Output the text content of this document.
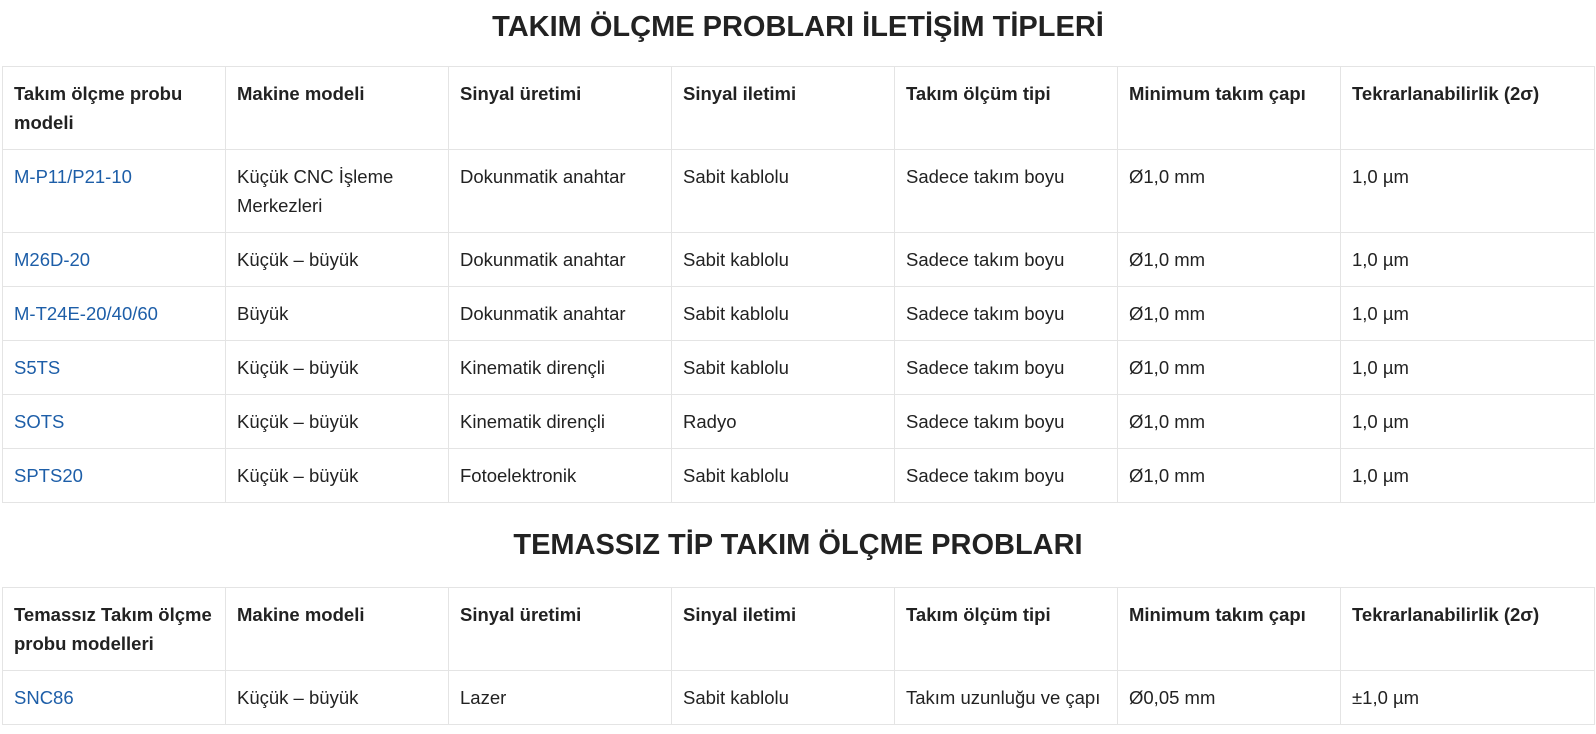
TAKIM ÖLÇME PROBLARI İLETİŞİM TİPLERİ
Takım ölçme probu modeli	Makine modeli	Sinyal üretimi	Sinyal iletimi	Takım ölçüm tipi	Minimum takım çapı	Tekrarlanabilirlik (2σ)
M-P11/P21-10	Küçük CNC İşleme Merkezleri	Dokunmatik anahtar	Sabit kablolu	Sadece takım boyu	Ø1,0 mm	1,0 µm
M26D-20	Küçük – büyük	Dokunmatik anahtar	Sabit kablolu	Sadece takım boyu	Ø1,0 mm	1,0 µm
M-T24E-20/40/60	Büyük	Dokunmatik anahtar	Sabit kablolu	Sadece takım boyu	Ø1,0 mm	1,0 µm
S5TS	Küçük – büyük	Kinematik dirençli	Sabit kablolu	Sadece takım boyu	Ø1,0 mm	1,0 µm
SOTS	Küçük – büyük	Kinematik dirençli	Radyo	Sadece takım boyu	Ø1,0 mm	1,0 µm
SPTS20	Küçük – büyük	Fotoelektronik	Sabit kablolu	Sadece takım boyu	Ø1,0 mm	1,0 µm
TEMASSIZ TİP TAKIM ÖLÇME PROBLARI
Temassız Takım ölçme probu modelleri	Makine modeli	Sinyal üretimi	Sinyal iletimi	Takım ölçüm tipi	Minimum takım çapı	Tekrarlanabilirlik (2σ)
SNC86	Küçük – büyük	Lazer	Sabit kablolu	Takım uzunluğu ve çapı	Ø0,05 mm	±1,0 µm
